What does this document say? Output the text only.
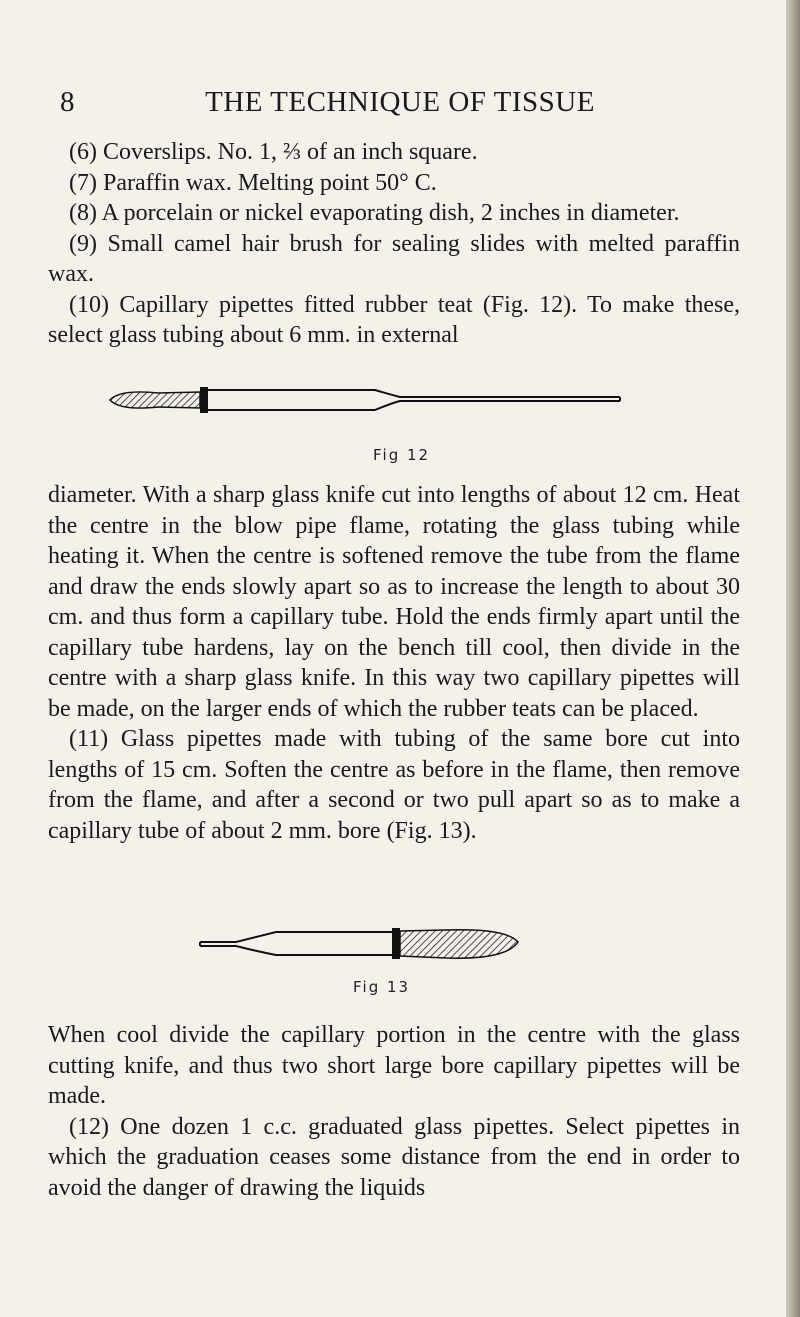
8	THE TECHNIQUE OF TISSUE

(6) Coverslips. No. 1, ⅔ of an inch square.

(7) Paraffin wax. Melting point 50° C.

(8) A porcelain or nickel evaporating dish, 2 inches in diameter.

(9) Small camel hair brush for sealing slides with melted paraffin wax.

(10) Capillary pipettes fitted rubber teat (Fig. 12). To make these, select glass tubing about 6 mm. in external

Fig 12

diameter. With a sharp glass knife cut into lengths of about 12 cm. Heat the centre in the blow pipe flame, rotating the glass tubing while heating it. When the centre is softened remove the tube from the flame and draw the ends slowly apart so as to increase the length to about 30 cm. and thus form a capillary tube. Hold the ends firmly apart until the capillary tube hardens, lay on the bench till cool, then divide in the centre with a sharp glass knife. In this way two capillary pipettes will be made, on the larger ends of which the rubber teats can be placed.

(11) Glass pipettes made with tubing of the same bore cut into lengths of 15 cm. Soften the centre as before in the flame, then remove from the flame, and after a second or two pull apart so as to make a capillary tube of about 2 mm. bore (Fig. 13).

Fig 13

When cool divide the capillary portion in the centre with the glass cutting knife, and thus two short large bore capillary pipettes will be made.

(12) One dozen 1 c.c. graduated glass pipettes. Select pipettes in which the graduation ceases some distance from the end in order to avoid the danger of drawing the liquids
